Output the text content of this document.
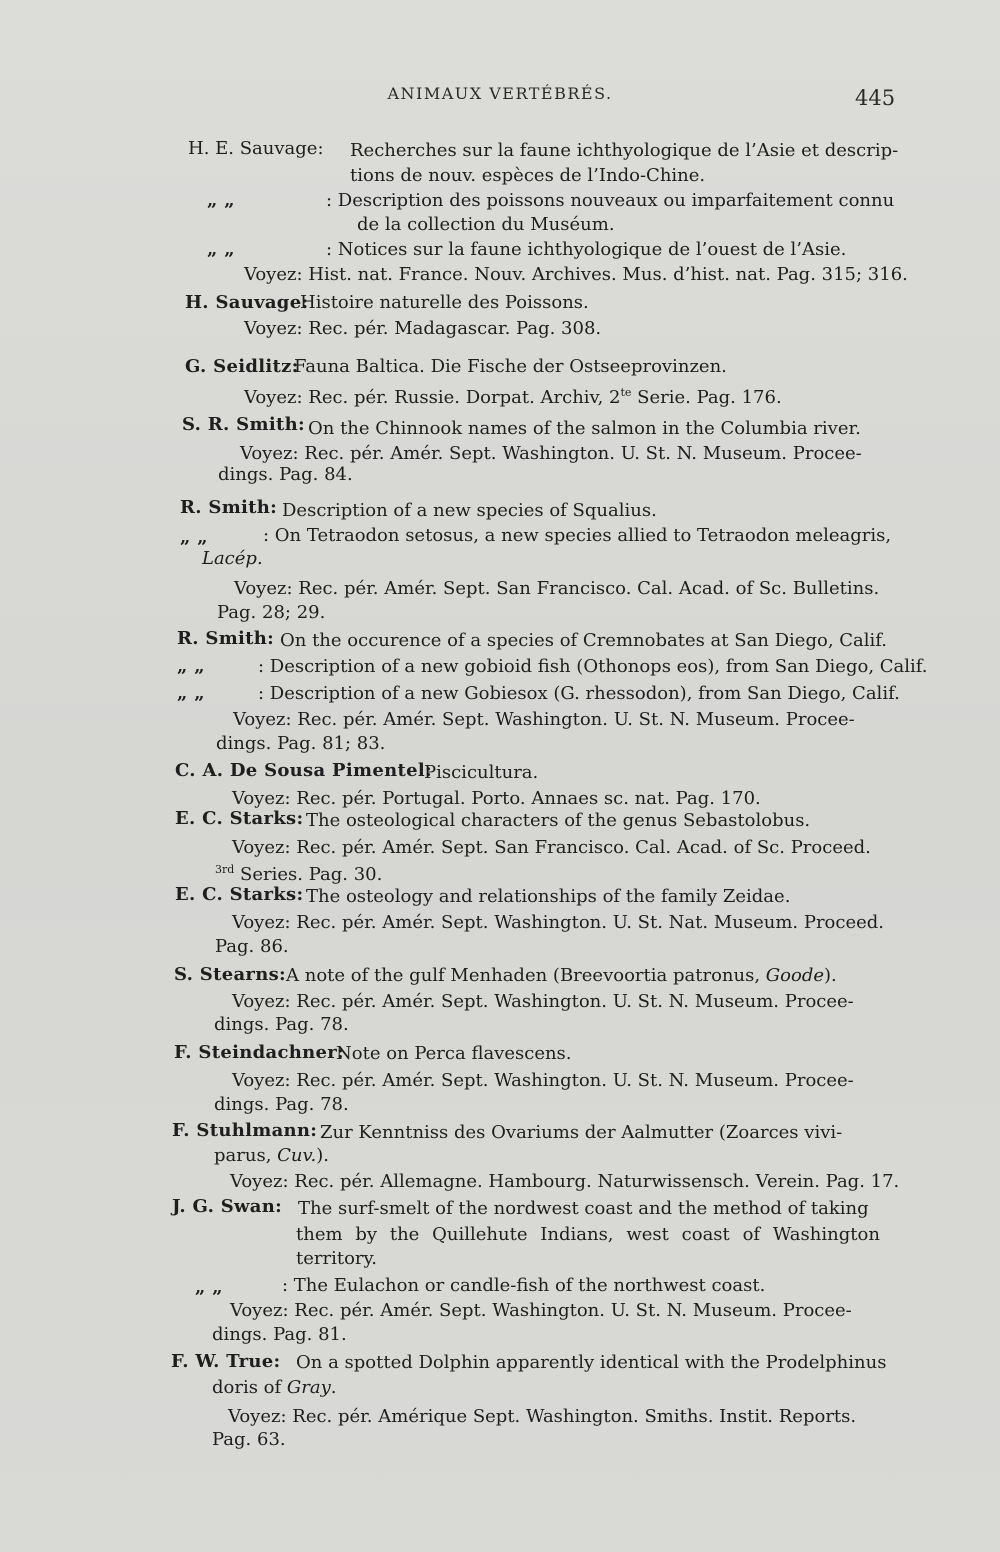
ANIMAUX VERTÉBRÉS.	445
H. E. Sauvage: Recherches sur la faune ichthyologique de l’Asie et descrip-
tions de nouv. espèces de l’Indo-Chine.
„ „	: Description des poissons nouveaux ou imparfaitement connu
de la collection du Muséum.
„ „	: Notices sur la faune ichthyologique de l’ouest de l’Asie.
Voyez: Hist. nat. France. Nouv. Archives. Mus. d’hist. nat. Pag. 315; 316.
H. Sauvage:
Histoire naturelle des Poissons.
Voyez: Rec. pér. Madagascar. Pag. 308.
G. Seidlitz:
Fauna Baltica. Die Fische der Ostseeprovinzen.
Voyez: Rec. pér. Russie. Dorpat. Archiv, $2^{te}$ Serie. Pag. 176.
S. R. Smith: On the Chinnook names of the salmon in the Columbia river.
Voyez: Rec. pér. Amér. Sept. Washington. U. St. N. Museum. Procee-
dings. Pag. 84.
R. Smith: Description of a new species of Squalius.
„ „	: On Tetraodon setosus, a new species allied to Tetraodon meleagris,
Lacép.
Voyez: Rec. pér. Amér. Sept. San Francisco. Cal. Acad. of Sc. Bulletins.
Pag. 28; 29.
R. Smith: On the occurence of a species of Cremnobates at San Diego, Calif.
„ „	: Description of a new gobioid fish (Othonops eos), from San Diego, Calif.
„ „	: Description of a new Gobiesox (G. rhessodon), from San Diego, Calif.
Voyez: Rec. pér. Amér. Sept. Washington. U. St. N. Museum. Procee-
dings. Pag. 81; 83.
C. A. De Sousa Pimentel:
Piscicultura.
Voyez: Rec. pér. Portugal. Porto. Annaes sc. nat. Pag. 170.
E. C. Starks: The osteological characters of the genus Sebastolobus.
Voyez: Rec. pér. Amér. Sept. San Francisco. Cal. Acad. of Sc. Proceed.
$^{3rd}$ Series. Pag. 30.
E. C. Starks: The osteology and relationships of the family Zeidae.
Voyez: Rec. pér. Amér. Sept. Washington. U. St. Nat. Museum. Proceed.
Pag. 86.
S. Stearns: A note of the gulf Menhaden (Breevoortia patronus, Goode).
Voyez: Rec. pér. Amér. Sept. Washington. U. St. N. Museum. Procee-
dings. Pag. 78.
F. Steindachner:
Note on Perca flavescens.
Voyez: Rec. pér. Amér. Sept. Washington. U. St. N. Museum. Procee-
dings. Pag. 78.
F. Stuhlmann: Zur Kenntniss des Ovariums der Aalmutter (Zoarces vivi-
parus, Cuv.).
Voyez: Rec. pér. Allemagne. Hambourg. Naturwissensch. Verein. Pag. 17.
J. G. Swan: The surf-smelt of the nordwest coast and the method of taking
them by the Quillehute Indians, west coast of Washington
territory.
„ „	: The Eulachon or candle-fish of the northwest coast.
Voyez: Rec. pér. Amér. Sept. Washington. U. St. N. Museum. Procee-
dings. Pag. 81.
F. W. True: On a spotted Dolphin apparently identical with the Prodelphinus
doris of Gray.
Voyez: Rec. pér. Amérique Sept. Washington. Smiths. Instit. Reports.
Pag. 63.
